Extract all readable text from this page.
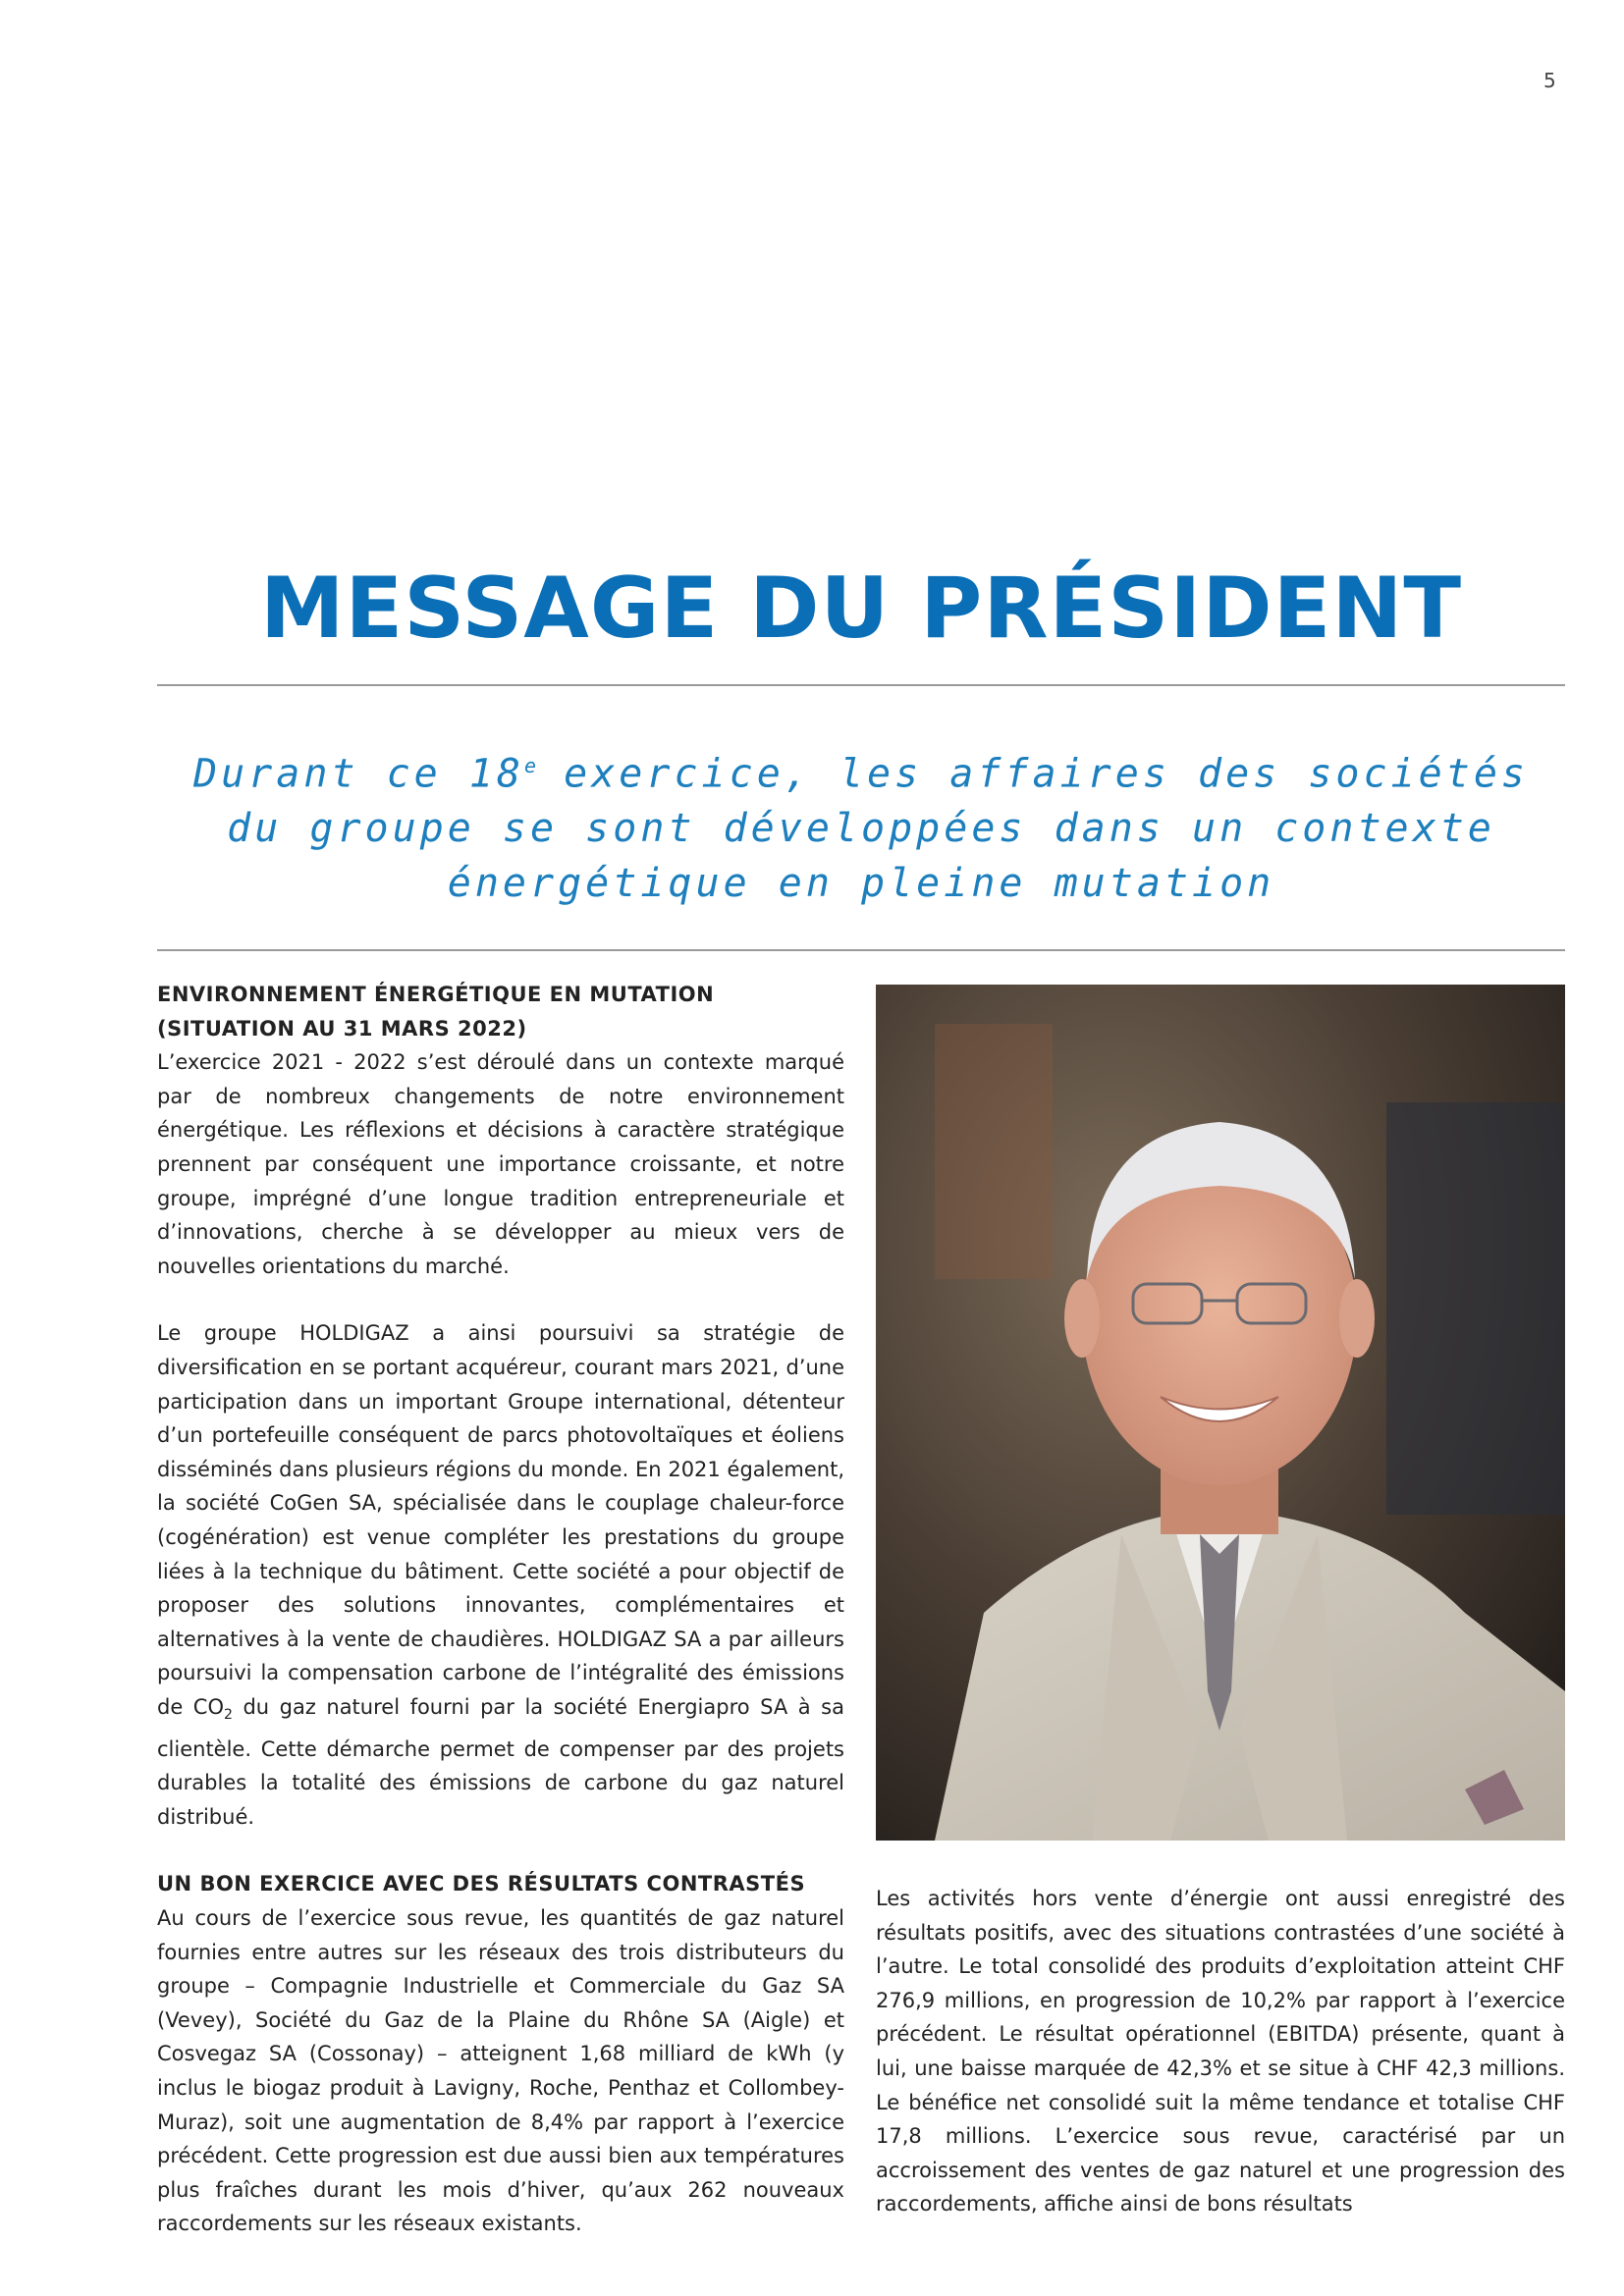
5
MESSAGE DU PRÉSIDENT
Durant ce 18e exercice, les affaires des sociétés
du groupe se sont développées dans un contexte
énergétique en pleine mutation
ENVIRONNEMENT ÉNERGÉTIQUE EN MUTATION
(SITUATION AU 31 MARS 2022)

L’exercice 2021 - 2022 s’est déroulé dans un contexte marqué par de nombreux changements de notre environnement énergétique. Les réflexions et décisions à caractère stratégique prennent par conséquent une importance croissante, et notre groupe, imprégné d’une longue tradition entrepreneuriale et d’innovations, cherche à se développer au mieux vers de nouvelles orientations du marché.

Le groupe HOLDIGAZ a ainsi poursuivi sa stratégie de diversification en se portant acquéreur, courant mars 2021, d’une participation dans un important Groupe international, détenteur d’un portefeuille conséquent de parcs photovoltaïques et éoliens disséminés dans plusieurs régions du monde. En 2021 également, la société CoGen SA, spécialisée dans le couplage chaleur-force (cogénération) est venue compléter les prestations du groupe liées à la technique du bâtiment. Cette société a pour objectif de proposer des solutions innovantes, complémentaires et alternatives à la vente de chaudières. HOLDIGAZ SA a par ailleurs poursuivi la compensation carbone de l’intégralité des émissions de $CO_2$ du gaz naturel fourni par la société Energiapro SA à sa clientèle. Cette démarche permet de compenser par des projets durables la totalité des émissions de carbone du gaz naturel distribué.

UN BON EXERCICE AVEC DES RÉSULTATS CONTRASTÉS

Au cours de l’exercice sous revue, les quantités de gaz naturel fournies entre autres sur les réseaux des trois distributeurs du groupe – Compagnie Industrielle et Commerciale du Gaz SA (Vevey), Société du Gaz de la Plaine du Rhône SA (Aigle) et Cosvegaz SA (Cossonay) – atteignent 1,68 milliard de kWh (y inclus le biogaz produit à Lavigny, Roche, Penthaz et Collombey-Muraz), soit une augmentation de 8,4% par rapport à l’exercice précédent. Cette progression est due aussi bien aux températures plus fraîches durant les mois d’hiver, qu’aux 262 nouveaux raccordements sur les réseaux existants.

Les activités hors vente d’énergie ont aussi enregistré des résultats positifs, avec des situations contrastées d’une société à l’autre. Le total consolidé des produits d’exploitation atteint CHF 276,9 millions, en progression de 10,2% par rapport à l’exercice précédent. Le résultat opérationnel (EBITDA) présente, quant à lui, une baisse marquée de 42,3% et se situe à CHF 42,3 millions. Le bénéfice net consolidé suit la même tendance et totalise CHF 17,8 millions. L’exercice sous revue, caractérisé par un accroissement des ventes de gaz naturel et une progression des raccordements, affiche ainsi de bons résultats
